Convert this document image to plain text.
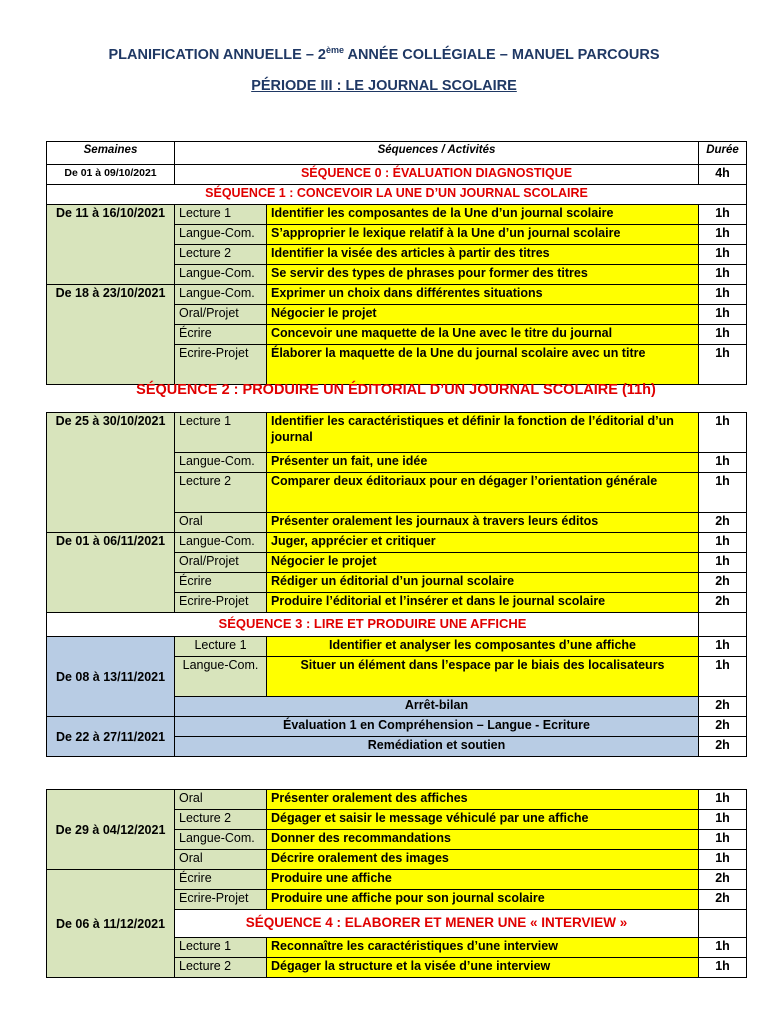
PLANIFICATION ANNUELLE – 2ème ANNÉE COLLÉGIALE – MANUEL PARCOURS

PÉRIODE III : LE JOURNAL SCOLAIRE

Semaines	Séquences / Activités		Durée
De 01 à 09/10/2021	SÉQUENCE 0 : ÉVALUATION DIAGNOSTIQUE		4h
SÉQUENCE 1 : CONCEVOIR LA UNE D’UN JOURNAL SCOLAIRE			
De 11 à 16/10/2021	Lecture 1	Identifier les composantes de la Une d’un journal scolaire	1h
	Langue-Com.	S’approprier le lexique relatif à la Une d’un journal scolaire	1h
	Lecture 2	Identifier la visée des articles à partir des titres	1h
	Langue-Com.	Se servir des types de phrases pour former des titres	1h
De 18 à 23/10/2021	Langue-Com.	Exprimer un choix dans différentes situations	1h
	Oral/Projet	Négocier le projet	1h
	Écrire	Concevoir une maquette de la Une avec le titre du journal	1h
	Ecrire-Projet	Élaborer la maquette de la Une du journal scolaire avec un titre	1h
SÉQUENCE 2 : PRODUIRE UN ÉDITORIAL D’UN JOURNAL SCOLAIRE (11h)
De 25 à 30/10/2021	Lecture 1	Identifier les caractéristiques et définir la fonction de l’éditorial d’un journal	1h
	Langue-Com.	Présenter un fait, une idée	1h
	Lecture 2	Comparer deux éditoriaux pour en dégager l’orientation générale	1h
	Oral	Présenter oralement les journaux à travers leurs éditos	2h
De 01 à 06/11/2021	Langue-Com.	Juger, apprécier et critiquer	1h
	Oral/Projet	Négocier le projet	1h
	Écrire	Rédiger un éditorial d’un journal scolaire	2h
	Ecrire-Projet	Produire l’éditorial et l’insérer et dans le journal scolaire	2h
SÉQUENCE 3 : LIRE ET PRODUIRE UNE AFFICHE			
De 08 à 13/11/2021	Lecture 1	Identifier et analyser les composantes d’une affiche	1h
	Langue-Com.	Situer un élément dans l’espace par le biais des localisateurs	1h
	Arrêt-bilan		2h
De 22 à 27/11/2021	Évaluation 1 en Compréhension – Langue - Ecriture		2h
	Remédiation et soutien		2h
De 29 à 04/12/2021	Oral	Présenter oralement des affiches	1h
	Lecture 2	Dégager et saisir le message véhiculé par une affiche	1h
	Langue-Com.	Donner des recommandations	1h
	Oral	Décrire oralement des images	1h
De 06 à 11/12/2021	Écrire	Produire une affiche	2h
	Ecrire-Projet	Produire une affiche pour son journal scolaire	2h
	SÉQUENCE 4 : ELABORER ET MENER UNE « INTERVIEW »		
	Lecture 1	Reconnaître les caractéristiques d’une interview	1h
	Lecture 2	Dégager la structure et la visée d’une interview	1h
